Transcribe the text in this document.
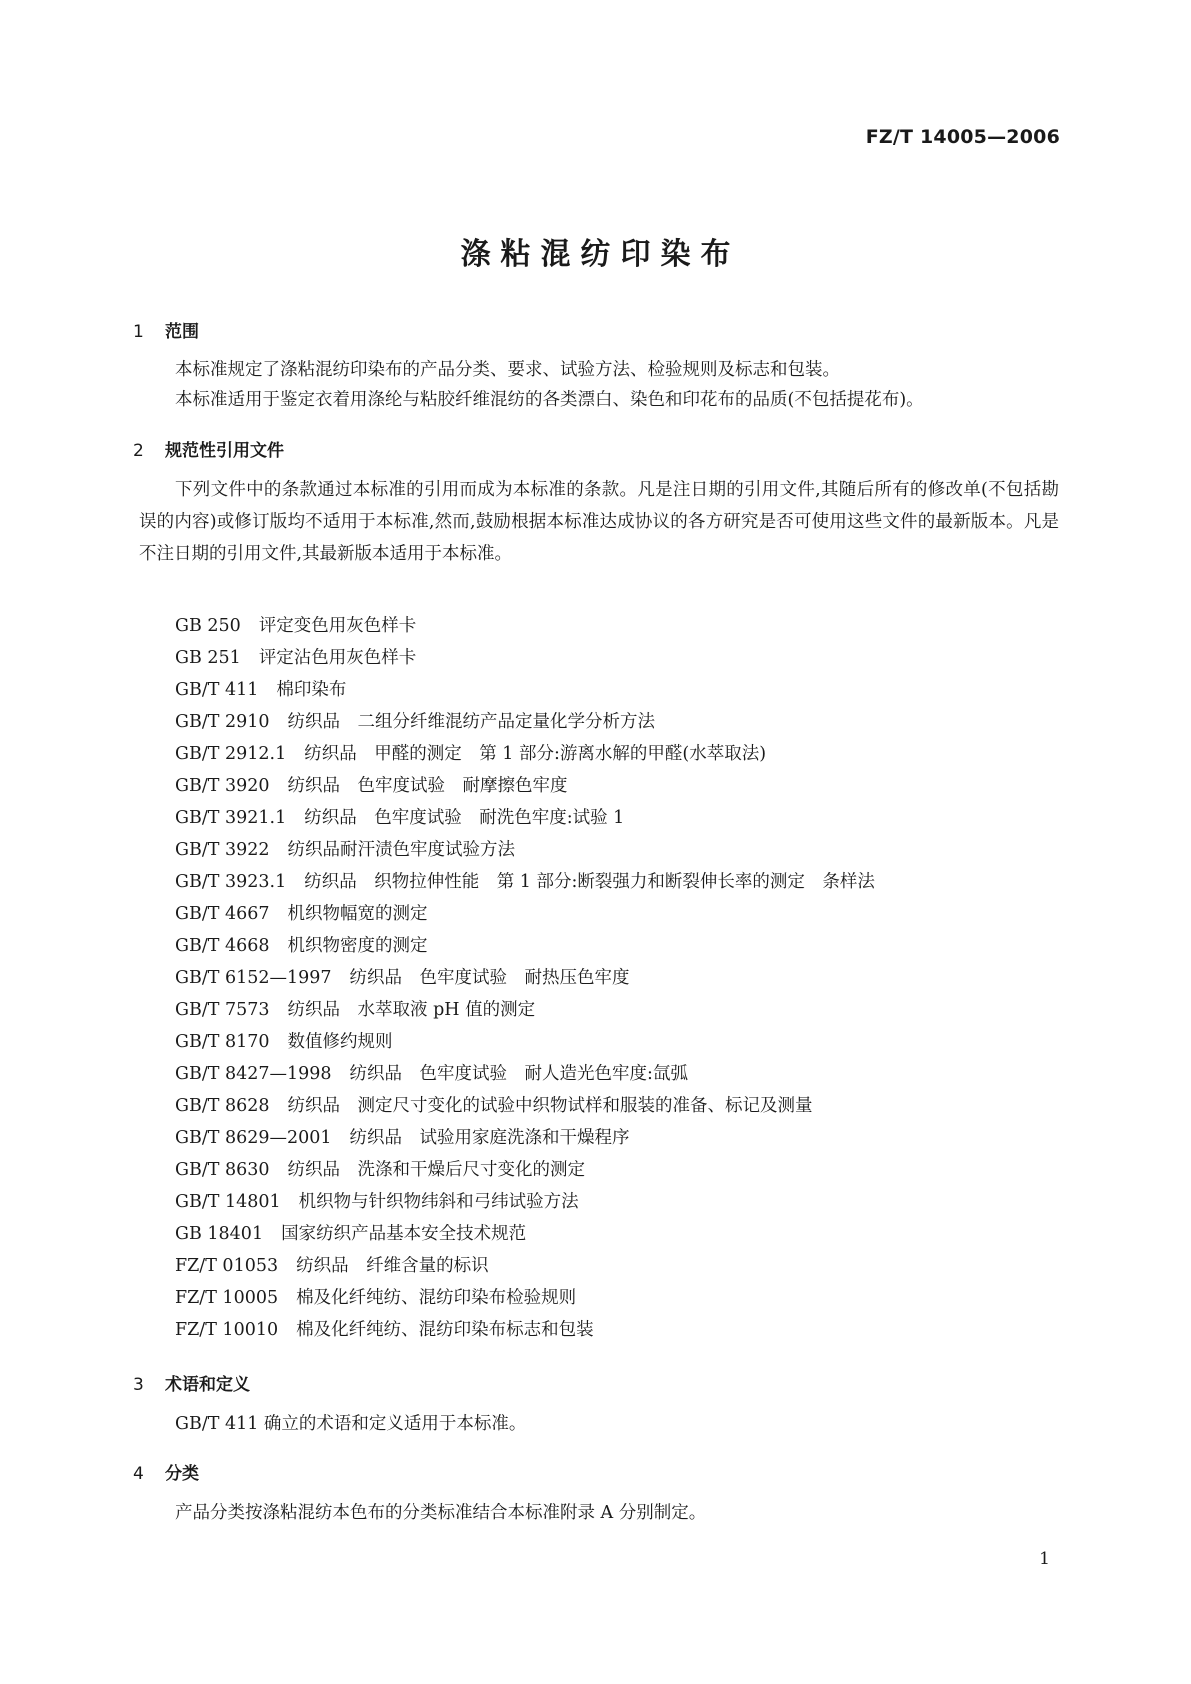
FZ/T 14005—2006
涤粘混纺印染布
1 范围
本标准规定了涤粘混纺印染布的产品分类、要求、试验方法、检验规则及标志和包装。
本标准适用于鉴定衣着用涤纶与粘胶纤维混纺的各类漂白、染色和印花布的品质(不包括提花布)。
2 规范性引用文件
下列文件中的条款通过本标准的引用而成为本标准的条款。凡是注日期的引用文件,其随后所有的修改单(不包括勘误的内容)或修订版均不适用于本标准,然而,鼓励根据本标准达成协议的各方研究是否可使用这些文件的最新版本。凡是不注日期的引用文件,其最新版本适用于本标准。
GB 250 评定变色用灰色样卡
GB 251 评定沾色用灰色样卡
GB/T 411 棉印染布
GB/T 2910 纺织品　二组分纤维混纺产品定量化学分析方法
GB/T 2912.1 纺织品　甲醛的测定　第 1 部分:游离水解的甲醛(水萃取法)
GB/T 3920 纺织品　色牢度试验　耐摩擦色牢度
GB/T 3921.1 纺织品　色牢度试验　耐洗色牢度:试验 1
GB/T 3922 纺织品耐汗渍色牢度试验方法
GB/T 3923.1 纺织品　织物拉伸性能　第 1 部分:断裂强力和断裂伸长率的测定　条样法
GB/T 4667 机织物幅宽的测定
GB/T 4668 机织物密度的测定
GB/T 6152—1997 纺织品　色牢度试验　耐热压色牢度
GB/T 7573 纺织品　水萃取液 pH 值的测定
GB/T 8170 数值修约规则
GB/T 8427—1998 纺织品　色牢度试验　耐人造光色牢度:氙弧
GB/T 8628 纺织品　测定尺寸变化的试验中织物试样和服装的准备、标记及测量
GB/T 8629—2001 纺织品　试验用家庭洗涤和干燥程序
GB/T 8630 纺织品　洗涤和干燥后尺寸变化的测定
GB/T 14801 机织物与针织物纬斜和弓纬试验方法
GB 18401 国家纺织产品基本安全技术规范
FZ/T 01053 纺织品　纤维含量的标识
FZ/T 10005 棉及化纤纯纺、混纺印染布检验规则
FZ/T 10010 棉及化纤纯纺、混纺印染布标志和包装
3 术语和定义
GB/T 411 确立的术语和定义适用于本标准。
4 分类
产品分类按涤粘混纺本色布的分类标准结合本标准附录 A 分别制定。
1
